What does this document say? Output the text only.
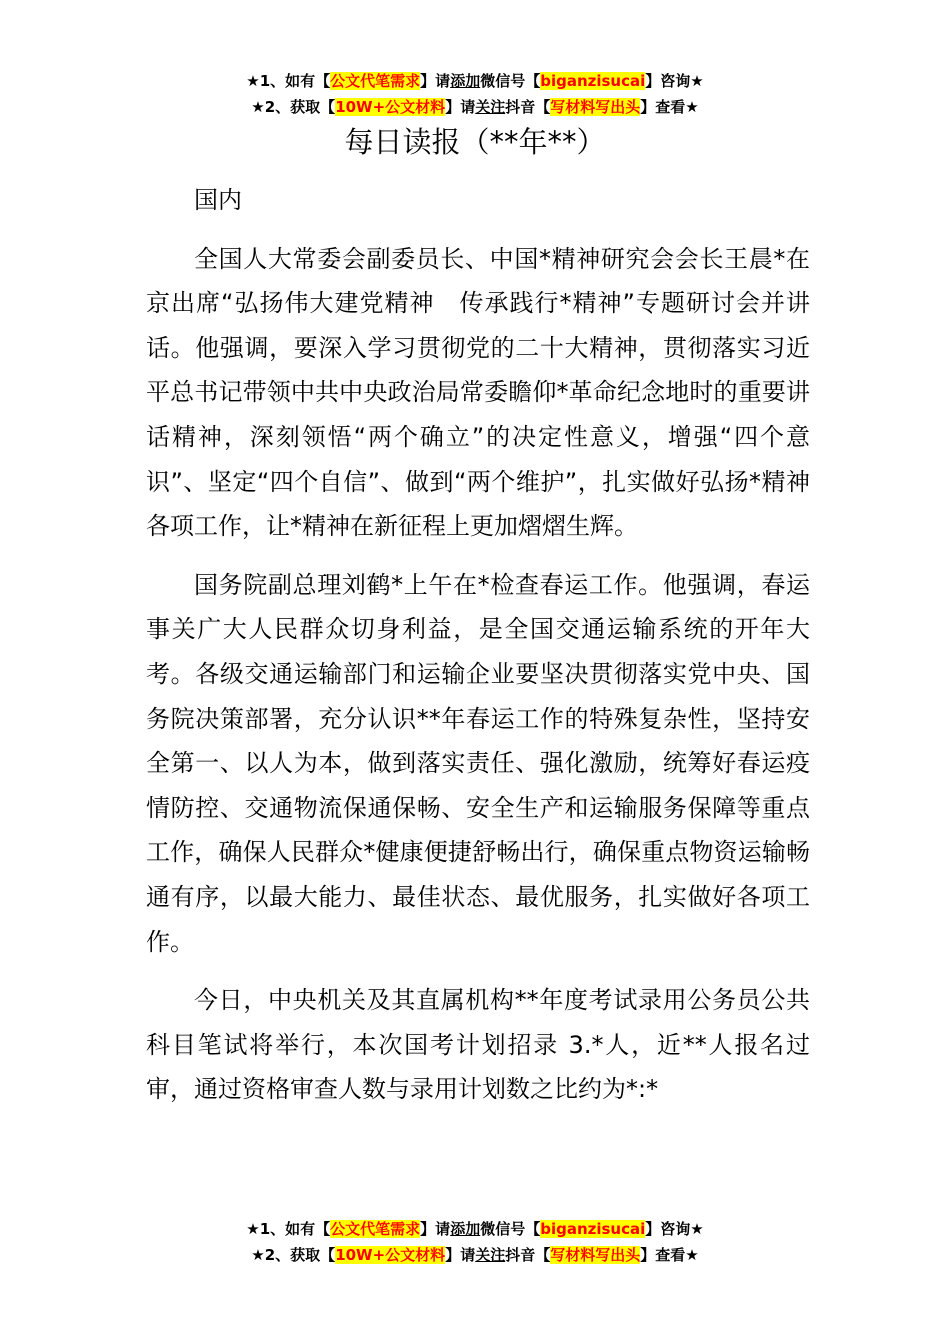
★1、如有【公文代笔需求】请添加微信号【biganzisucai】咨询★
★2、获取【10W+公文材料】请关注抖音【写材料写出头】查看★
每日读报（**年**）

国内

全国人大常委会副委员长、中国*精神研究会会长王晨*在京出席“弘扬伟大建党精神　传承践行*精神”专题研讨会并讲话。他强调，要深入学习贯彻党的二十大精神，贯彻落实习近平总书记带领中共中央政治局常委瞻仰*革命纪念地时的重要讲话精神，深刻领悟“两个确立”的决定性意义，增强“四个意识”、坚定“四个自信”、做到“两个维护”，扎实做好弘扬*精神各项工作，让*精神在新征程上更加熠熠生辉。

国务院副总理刘鹤*上午在*检查春运工作。他强调，春运事关广大人民群众切身利益，是全国交通运输系统的开年大考。各级交通运输部门和运输企业要坚决贯彻落实党中央、国务院决策部署，充分认识**年春运工作的特殊复杂性，坚持安全第一、以人为本，做到落实责任、强化激励，统筹好春运疫情防控、交通物流保通保畅、安全生产和运输服务保障等重点工作，确保人民群众*健康便捷舒畅出行，确保重点物资运输畅通有序，以最大能力、最佳状态、最优服务，扎实做好各项工作。

今日，中央机关及其直属机构**年度考试录用公务员公共科目笔试将举行，本次国考计划招录 3.*人，近**人报名过审，通过资格审查人数与录用计划数之比约为*:*

★1、如有【公文代笔需求】请添加微信号【biganzisucai】咨询★
★2、获取【10W+公文材料】请关注抖音【写材料写出头】查看★
